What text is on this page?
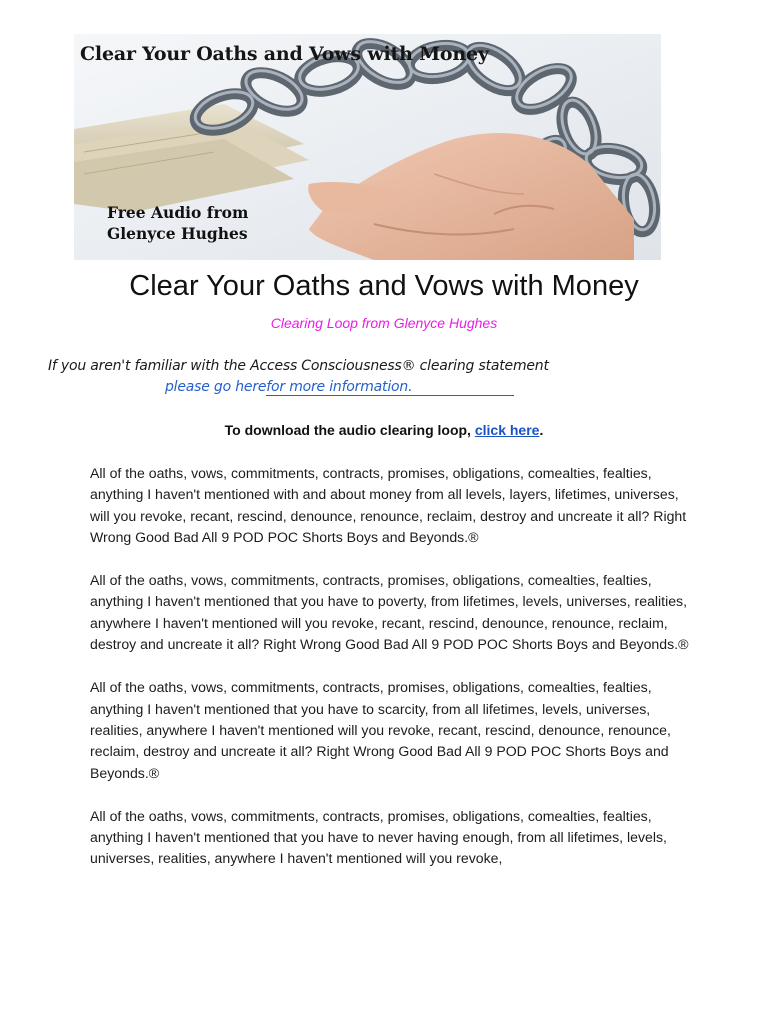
Clear Your Oaths and Vows with Money

Free Audio from
Glenyce Hughes

Clear Your Oaths and Vows with Money

Clearing Loop from Glenyce Hughes

If you aren't familiar with the Access Consciousness® clearing statement

please go herefor more information.

To download the audio clearing loop, click here.

All of the oaths, vows, commitments, contracts, promises, obligations, comealties, fealties, anything I haven't mentioned with and about money from all levels, layers, lifetimes, universes, will you revoke, recant, rescind, denounce, renounce, reclaim, destroy and uncreate it all? Right Wrong Good Bad All 9 POD POC Shorts Boys and Beyonds.®

All of the oaths, vows, commitments, contracts, promises, obligations, comealties, fealties, anything I haven't mentioned that you have to poverty, from lifetimes, levels, universes, realities, anywhere I haven't mentioned will you revoke, recant, rescind, denounce, renounce, reclaim, destroy and uncreate it all? Right Wrong Good Bad All 9 POD POC Shorts Boys and Beyonds.®

All of the oaths, vows, commitments, contracts, promises, obligations, comealties, fealties, anything I haven't mentioned that you have to scarcity, from all lifetimes, levels, universes, realities, anywhere I haven't mentioned will you revoke, recant, rescind, denounce, renounce, reclaim, destroy and uncreate it all? Right Wrong Good Bad All 9 POD POC Shorts Boys and Beyonds.®

All of the oaths, vows, commitments, contracts, promises, obligations, comealties, fealties, anything I haven't mentioned that you have to never having enough, from all lifetimes, levels, universes, realities, anywhere I haven't mentioned will you revoke,
